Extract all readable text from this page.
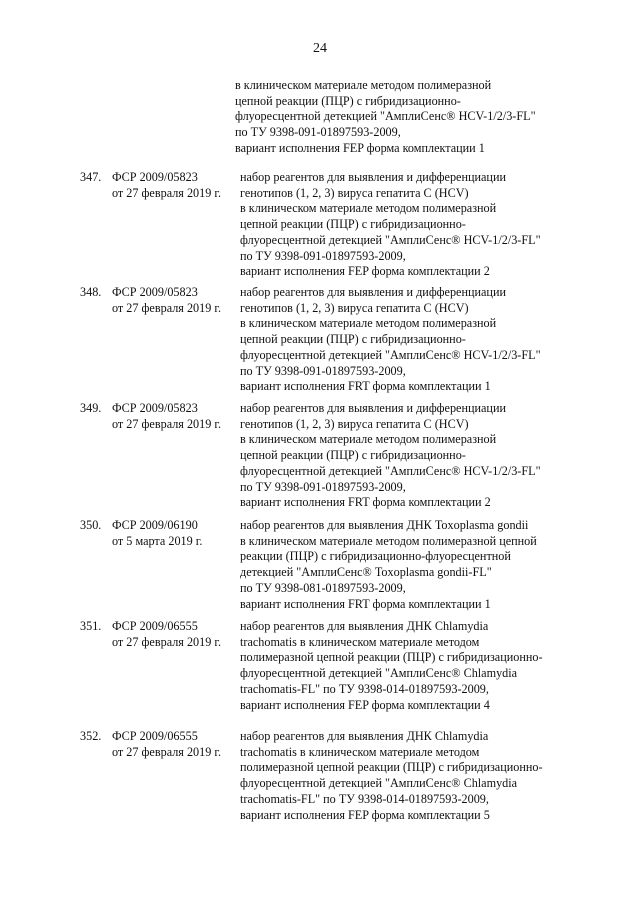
24
в клиническом материале методом полимеразной
цепной реакции (ПЦР) с гибридизационно-
флуоресцентной детекцией "АмплиСенс® HCV-1/2/3-FL"
по ТУ 9398-091-01897593-2009,
вариант исполнения FEP форма комплектации 1
347. ФСР 2009/05823
от 27 февраля 2019 г.
набор реагентов для выявления и дифференциации
генотипов (1, 2, 3) вируса гепатита С (HCV)
в клиническом материале методом полимеразной
цепной реакции (ПЦР) с гибридизационно-
флуоресцентной детекцией "АмплиСенс® HCV-1/2/3-FL"
по ТУ 9398-091-01897593-2009,
вариант исполнения FEP форма комплектации 2
348. ФСР 2009/05823
от 27 февраля 2019 г.
набор реагентов для выявления и дифференциации
генотипов (1, 2, 3) вируса гепатита С (HCV)
в клиническом материале методом полимеразной
цепной реакции (ПЦР) с гибридизационно-
флуоресцентной детекцией "АмплиСенс® HCV-1/2/3-FL"
по ТУ 9398-091-01897593-2009,
вариант исполнения FRT форма комплектации 1
349. ФСР 2009/05823
от 27 февраля 2019 г.
набор реагентов для выявления и дифференциации
генотипов (1, 2, 3) вируса гепатита С (HCV)
в клиническом материале методом полимеразной
цепной реакции (ПЦР) с гибридизационно-
флуоресцентной детекцией "АмплиСенс® HCV-1/2/3-FL"
по ТУ 9398-091-01897593-2009,
вариант исполнения FRT форма комплектации 2
350. ФСР 2009/06190
от 5 марта 2019 г.
набор реагентов для выявления ДНК Toxoplasma gondii
в клиническом материале методом полимеразной цепной
реакции (ПЦР) с гибридизационно-флуоресцентной
детекцией "АмплиСенс® Toxoplasma gondii-FL"
по ТУ 9398-081-01897593-2009,
вариант исполнения FRT форма комплектации 1
351. ФСР 2009/06555
от 27 февраля 2019 г.
набор реагентов для выявления ДНК Chlamydia
trachomatis в клиническом материале методом
полимеразной цепной реакции (ПЦР) с гибридизационно-
флуоресцентной детекцией "АмплиСенс® Chlamydia
trachomatis-FL" по ТУ 9398-014-01897593-2009,
вариант исполнения FEP форма комплектации 4
352. ФСР 2009/06555
от 27 февраля 2019 г.
набор реагентов для выявления ДНК Chlamydia
trachomatis в клиническом материале методом
полимеразной цепной реакции (ПЦР) с гибридизационно-
флуоресцентной детекцией "АмплиСенс® Chlamydia
trachomatis-FL" по ТУ 9398-014-01897593-2009,
вариант исполнения FEP форма комплектации 5
